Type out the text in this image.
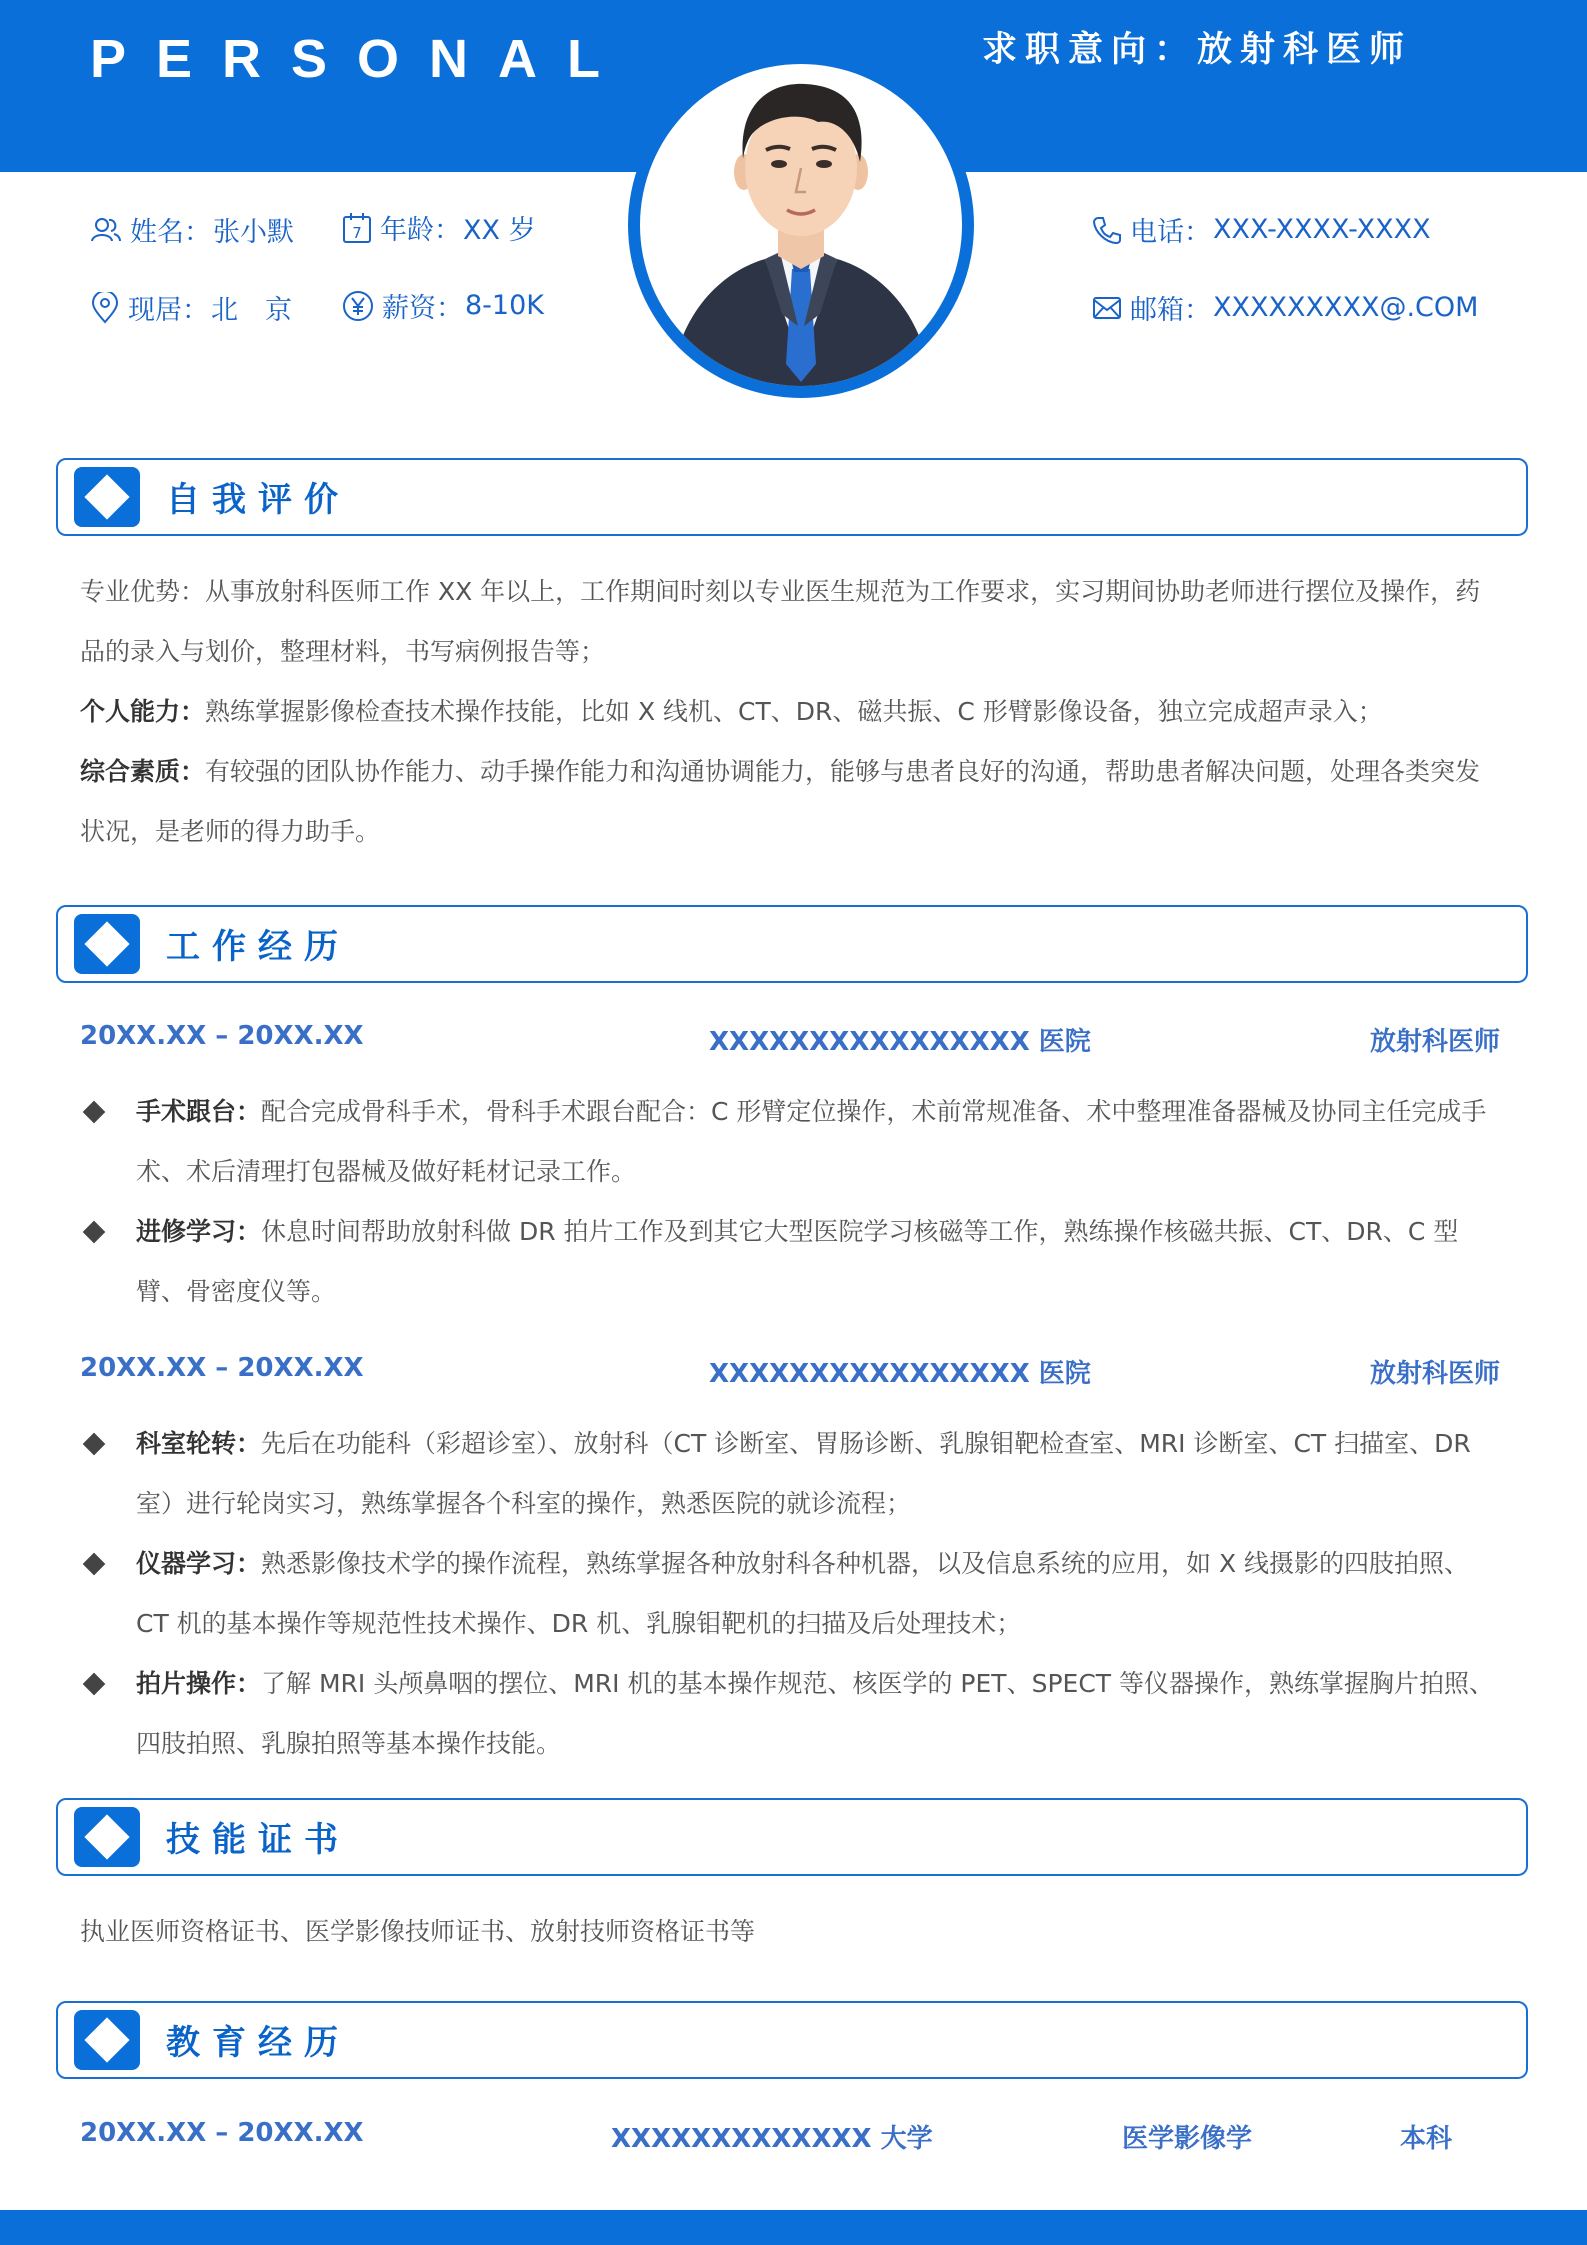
PERSONAL	求职意向：放射科医师
姓名： 张小默	7 年龄： XX 岁
现居： 北　京	薪资： 8-10K
电话： XXX-XXXX-XXXX
邮箱： XXXXXXXXX@.COM
自我评价
专业优势：从事放射科医师工作 XX 年以上，工作期间时刻以专业医生规范为工作要求，实习期间协助老师进行摆位及操作，药品的录入与划价，整理材料，书写病例报告等；
个人能力：熟练掌握影像检查技术操作技能，比如 X 线机、CT、DR、磁共振、C 形臂影像设备，独立完成超声录入；
综合素质：有较强的团队协作能力、动手操作能力和沟通协调能力，能够与患者良好的沟通，帮助患者解决问题，处理各类突发状况，是老师的得力助手。
工作经历
20XX.XX – 20XX.XX	XXXXXXXXXXXXXXXX 医院	放射科医师
手术跟台：配合完成骨科手术，骨科手术跟台配合：C 形臂定位操作，术前常规准备、术中整理准备器械及协同主任完成手术、术后清理打包器械及做好耗材记录工作。
进修学习：休息时间帮助放射科做 DR 拍片工作及到其它大型医院学习核磁等工作，熟练操作核磁共振、CT、DR、C 型臂、骨密度仪等。
20XX.XX – 20XX.XX	XXXXXXXXXXXXXXXX 医院	放射科医师
科室轮转：先后在功能科（彩超诊室）、放射科（CT 诊断室、胃肠诊断、乳腺钼靶检查室、MRI 诊断室、CT 扫描室、DR 室）进行轮岗实习，熟练掌握各个科室的操作，熟悉医院的就诊流程；
仪器学习：熟悉影像技术学的操作流程，熟练掌握各种放射科各种机器，以及信息系统的应用，如 X 线摄影的四肢拍照、CT 机的基本操作等规范性技术操作、DR 机、乳腺钼靶机的扫描及后处理技术；
拍片操作：了解 MRI 头颅鼻咽的摆位、MRI 机的基本操作规范、核医学的 PET、SPECT 等仪器操作，熟练掌握胸片拍照、四肢拍照、乳腺拍照等基本操作技能。
技能证书
执业医师资格证书、医学影像技师证书、放射技师资格证书等
教育经历
20XX.XX – 20XX.XX	XXXXXXXXXXXXX 大学	医学影像学	本科
